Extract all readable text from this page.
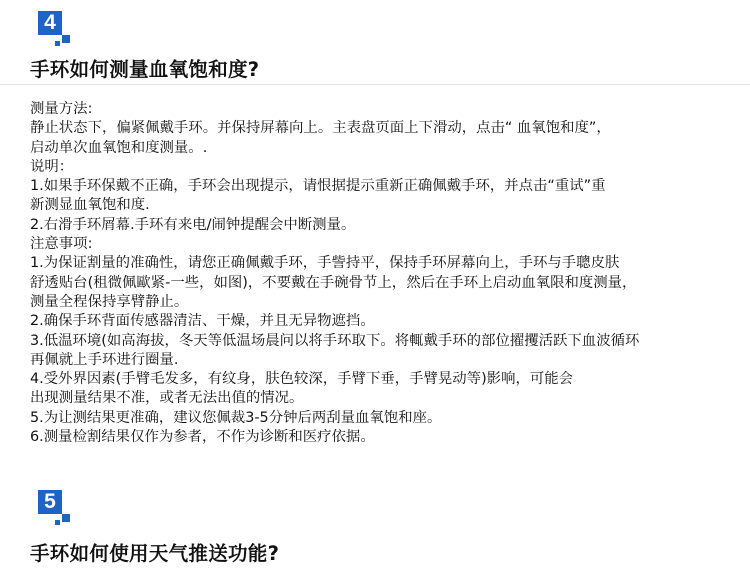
4
手环如何测量血氧饱和度?
测量方法:
静止状态下，偏紧佩戴手环。并保持屏幕向上。主表盘页面上下滑动，点击“ 血氧饱和度”，
启动单次血氧饱和度测量。.
说明：
1.如果手环保戴不正确，手环会出现提示，请恨据提示重新正确佩戴手环，并点击“重试”重
新测显血氧饱和度.
2.右滑手环屑幕.手环有来电/闹钟提醒会中断测量。
注意事项:
1.为保证割量的准确性，请您正确佩戴手环，手訾持平，保持手环屏幕向上，手环与手聰皮肤
舒透贴台(租微佩歐紧-一些，如图)，不要戴在手碗骨节上，然后在手环上启动血氧限和度测量，
测量全程保持享臂静止。
2.确保手环背面传感器清洁、干燥，并且无异物遮挡。
3.低温环境(如高海拔，冬天等低温场晨问以将手环取下。将輒戴手环的部位擢攫活跃下血波循环
再佩就上手环进行圈量.
4.受外界因素(手臂毛发多，有纹身，肤色较深，手臂下垂，手臂晃动等)影响，可能会
出现测量结果不准，或者无法出值的情况。
5.为让测结果更准确，建议您佩裁3-5分钟后两刮量血氧饱和座。
6.测量检割结果仅作为参者，不作为诊断和医疗依据。
5
手环如何使用天气推送功能?
